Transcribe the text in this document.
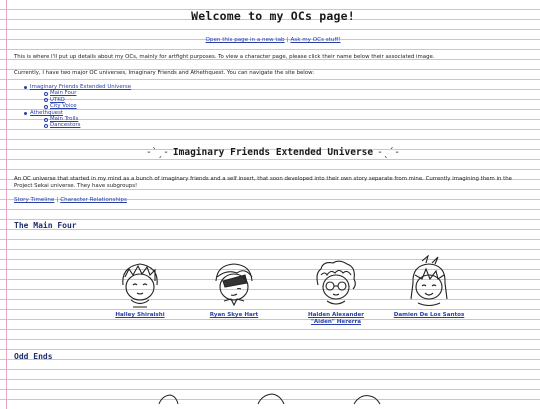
Welcome to my OCs page!
Open this page in a new tab | Ask my OCs stuff!
This is where I'll put up details about my OCs, mainly for artfight purposes. To view a character page, please click their name below their associated image.
Currently, I have two major OC universes, Imaginary Friends and Athethquest. You can navigate the site below:
Imaginary Friends Extended Universe
Main Four
UTKO
City Voice
Athethquest
Main Trolls
Dancestors
-`ˏ- Imaginary Friends Extended Universe -ˎ´-
An OC universe that started in my mind as a bunch of imaginary friends and a self insert, that soon developed into their own story separate from mine. Currently imagining them in the Project Sekai universe. They have subgroups!
Story Timeline | Character Relationships
The Main Four
Halley Shiraishi	Ryan Skye Hart	Halden Alexander "Aiden" Hererra
Damien De Los Santos
Odd Ends
